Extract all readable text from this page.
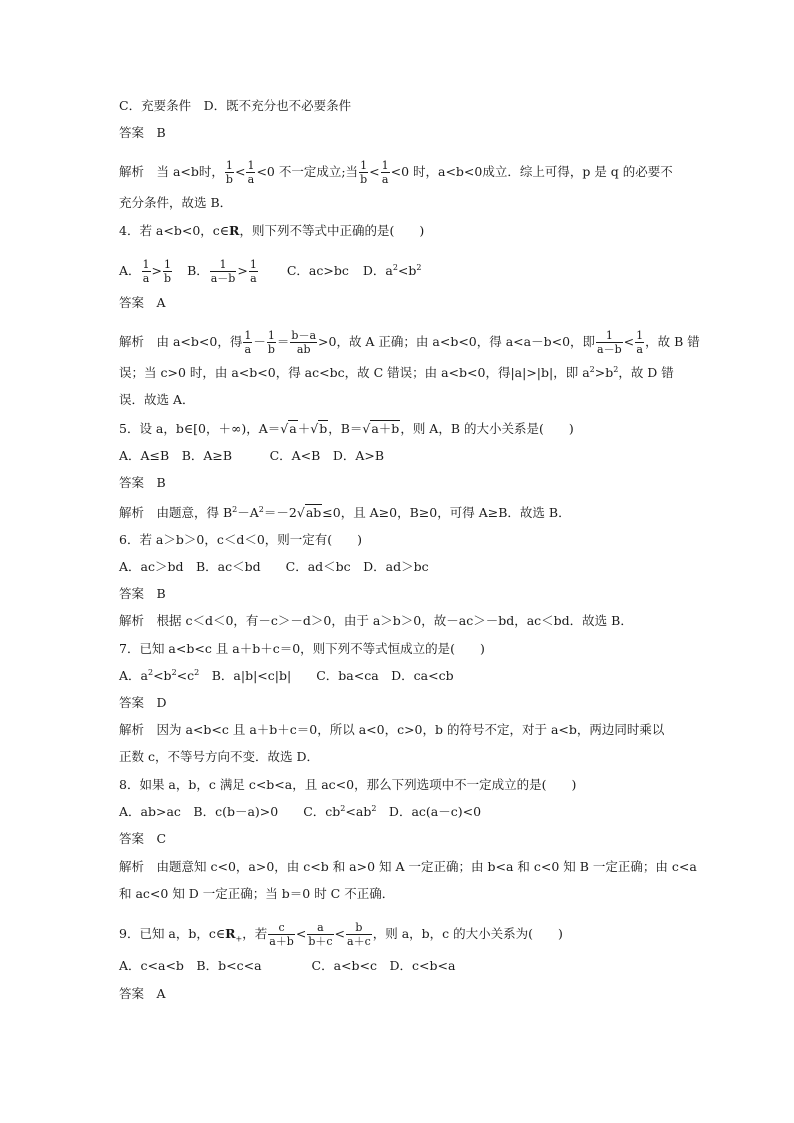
C．充要条件　 D．既不充分也不必要条件
答案　B
解析　当 a<b时， $\frac{1}{b} < \frac{1}{a} <0$ 不一定成立;当 $\frac{1}{b} < \frac{1}{a} <0$ 时，a<b<0成立．综上可得，p 是 q 的必要不
充分条件，故选 B．
4．若 a<b<0，c∈R，则下列不等式中正确的是(　　)
A． $\frac{1}{a} > \frac{1}{b}$ B． $\frac{1}{a-b} > \frac{1}{a}$ C．ac>bc D．$a^2<b^2$
答案　A
解析　由 a<b<0，得 $\frac{1}{a} - \frac{1}{b} = \frac{b-a}{ab} >0$，故 A 正确；由 a<b<0，得 a<a－b<0，即 $\frac{1}{a-b} < \frac{1}{a}$ ，故 B 错
误；当 c>0 时，由 a<b<0，得 ac<bc，故 C 错误；由 a<b<0，得|a|>|b|，即 $a^2>b^2$，故 D 错
误．故选 A．
5．设 a，b∈[0，＋∞)，A＝√a＋√b，B＝√a＋b，则 A，B 的大小关系是(　　)
A．A≤B　B．A≥B　　　C．A<B　D．A>B
答案　B
解析　由题意，得 $B^2-A^2=-2√ab\le 0$，且 A≥0，B≥0，可得 A≥B．故选 B．
6．若 a＞b＞0，c＜d＜0，则一定有(　　)
A．ac＞bd　B．ac＜bd　　C．ad＜bc　D．ad＞bc
答案　B
解析　根据 c＜d＜0，有－c＞－d＞0，由于 a＞b＞0，故－ac＞－bd，ac＜bd．故选 B．
7．已知 a<b<c 且 a＋b＋c＝0，则下列不等式恒成立的是(　　)
A．$a^2<b^2<c^2$　B．a|b|<c|b|　　C．ba<ca　D．ca<cb
答案　D
解析　因为 a<b<c 且 a＋b＋c＝0，所以 a<0，c>0，b 的符号不定，对于 a<b，两边同时乘以
正数 c，不等号方向不变．故选 D．
8．如果 a，b，c 满足 c<b<a，且 ac<0，那么下列选项中不一定成立的是(　　)
A．ab>ac　B．c(b－a)>0　　C．$cb^2<ab^2$　D．ac(a－c)<0
答案　C
解析　由题意知 c<0，a>0，由 c<b 和 a>0 知 A 一定正确；由 b<a 和 c<0 知 B 一定正确；由 c<a
和 ac<0 知 D 一定正确；当 b＝0 时 C 不正确．
9．已知 a，b，$c\in R_+$，若 $\frac{c}{a+b} < \frac{a}{b+c} < \frac{b}{a+c}$ ，则 a，b，c 的大小关系为(　　)
A．c<a<b　B．b<c<a　　　　C．a<b<c　D．c<b<a
答案　A
